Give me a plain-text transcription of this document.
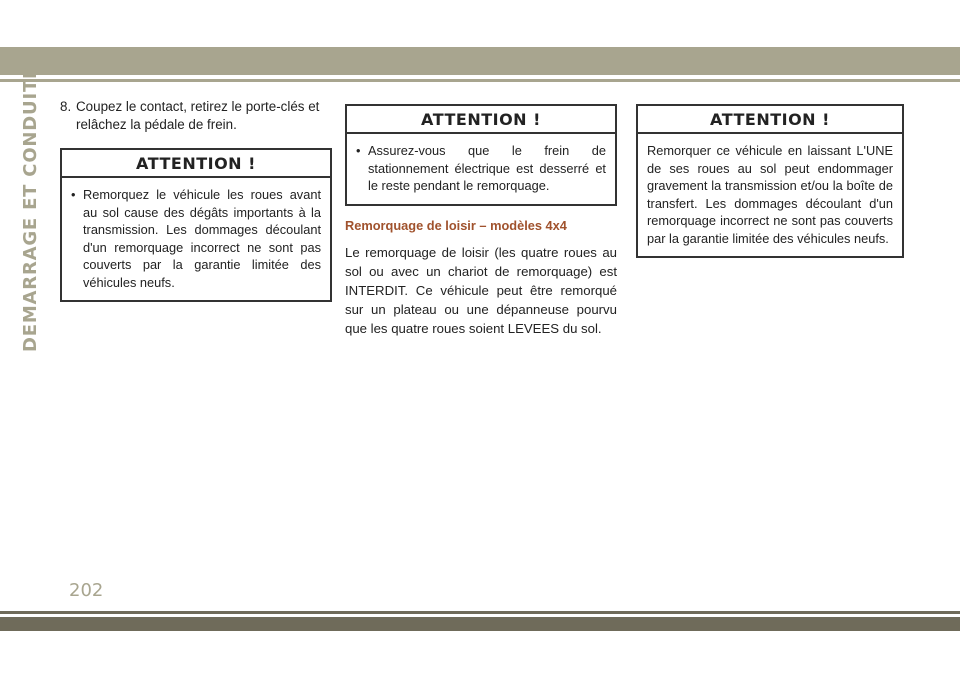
DEMARRAGE ET CONDUITE 8. Coupez le contact, retirez le porte-clés et relâchez la pédale de frein.
ATTENTION !
• Remorquez le véhicule les roues avant au sol cause des dégâts importants à la transmission. Les dommages découlant d'un remorquage incorrect ne sont pas couverts par la garantie limitée des véhicules neufs.
ATTENTION !
• Assurez-vous que le frein de stationnement électrique est desserré et le reste pendant le remorquage.
Remorquage de loisir – modèles 4x4
Le remorquage de loisir (les quatre roues au sol ou avec un chariot de remorquage) est INTERDIT. Ce véhicule peut être remorqué sur un plateau ou une dépanneuse pourvu que les quatre roues soient LEVEES du sol.
ATTENTION !
Remorquer ce véhicule en laissant L'UNE de ses roues au sol peut endommager gravement la transmission et/ou la boîte de transfert. Les dommages découlant d'un remorquage incorrect ne sont pas couverts par la garantie limitée des véhicules neufs.
202
